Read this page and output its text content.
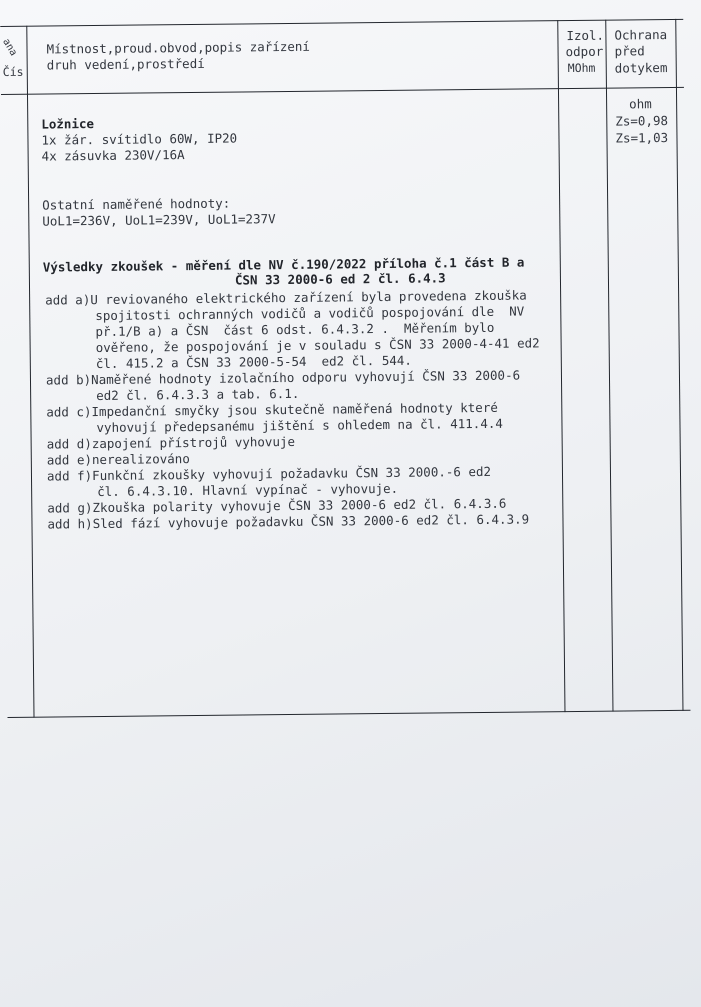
ana
Čís
Místnost,proud.obvod,popis zařízení
druh vedení,prostředí
Izol.
odpor
MOhm
Ochrana
před
dotykem
Ložnice
1x žár. svítidlo 60W, IP20
4x zásuvka 230V/16A
ohm
Zs=0,98
Zs=1,03
Ostatní naměřené hodnoty:
UoL1=236V, UoL1=239V, UoL1=237V
Výsledky zkoušek - měření dle NV č.190/2022 příloha č.1 část B a
ČSN 33 2000-6 ed 2 čl. 6.4.3
add a)U reviovaného elektrického zařízení byla provedena zkouška
spojitosti ochranných vodičů a vodičů pospojování dle  NV
př.1/B a) a ČSN  část 6 odst. 6.4.3.2 .  Měřením bylo
ověřeno, že pospojování je v souladu s ČSN 33 2000-4-41 ed2
čl. 415.2 a ČSN 33 2000-5-54  ed2 čl. 544.
add b)Naměřené hodnoty izolačního odporu vyhovují ČSN 33 2000-6
ed2 čl. 6.4.3.3 a tab. 6.1.
add c)Impedanční smyčky jsou skutečně naměřená hodnoty které
vyhovují předepsanému jištění s ohledem na čl. 411.4.4
add d)zapojení přístrojů vyhovuje
add e)nerealizováno
add f)Funkční zkoušky vyhovují požadavku ČSN 33 2000.-6 ed2
čl. 6.4.3.10. Hlavní vypínač - vyhovuje.
add g)Zkouška polarity vyhovuje ČSN 33 2000-6 ed2 čl. 6.4.3.6
add h)Sled fází vyhovuje požadavku ČSN 33 2000-6 ed2 čl. 6.4.3.9
